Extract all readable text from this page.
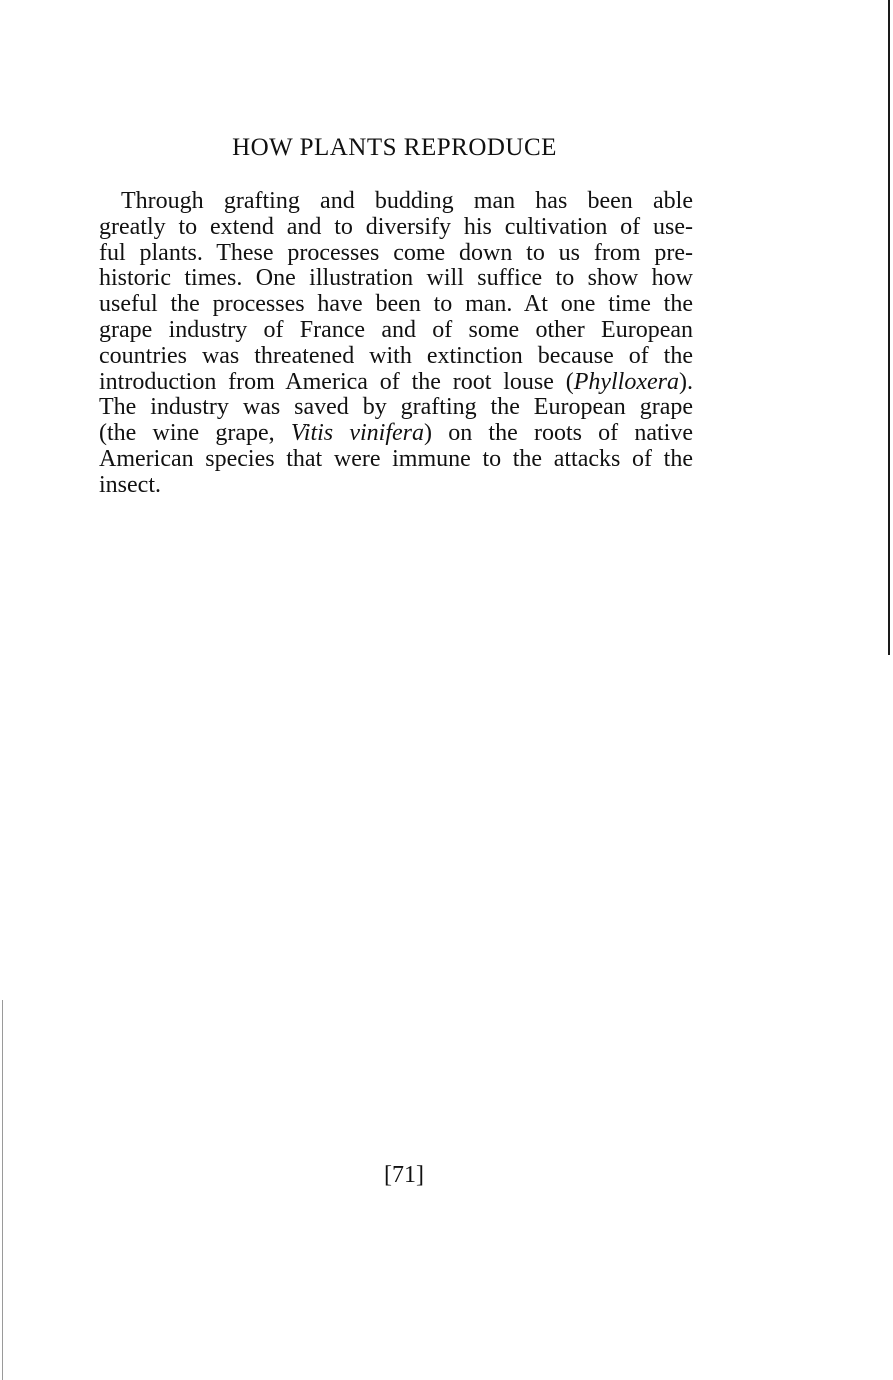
HOW PLANTS REPRODUCE
Through grafting and budding man has been able
greatly to extend and to diversify his cultivation of use-
ful plants. These processes come down to us from pre-
historic times. One illustration will suffice to show how
useful the processes have been to man. At one time the
grape industry of France and of some other European
countries was threatened with extinction because of the
introduction from America of the root louse (Phylloxera).
The industry was saved by grafting the European grape
(the wine grape, Vitis vinifera) on the roots of native
American species that were immune to the attacks of the
insect.
[71]
